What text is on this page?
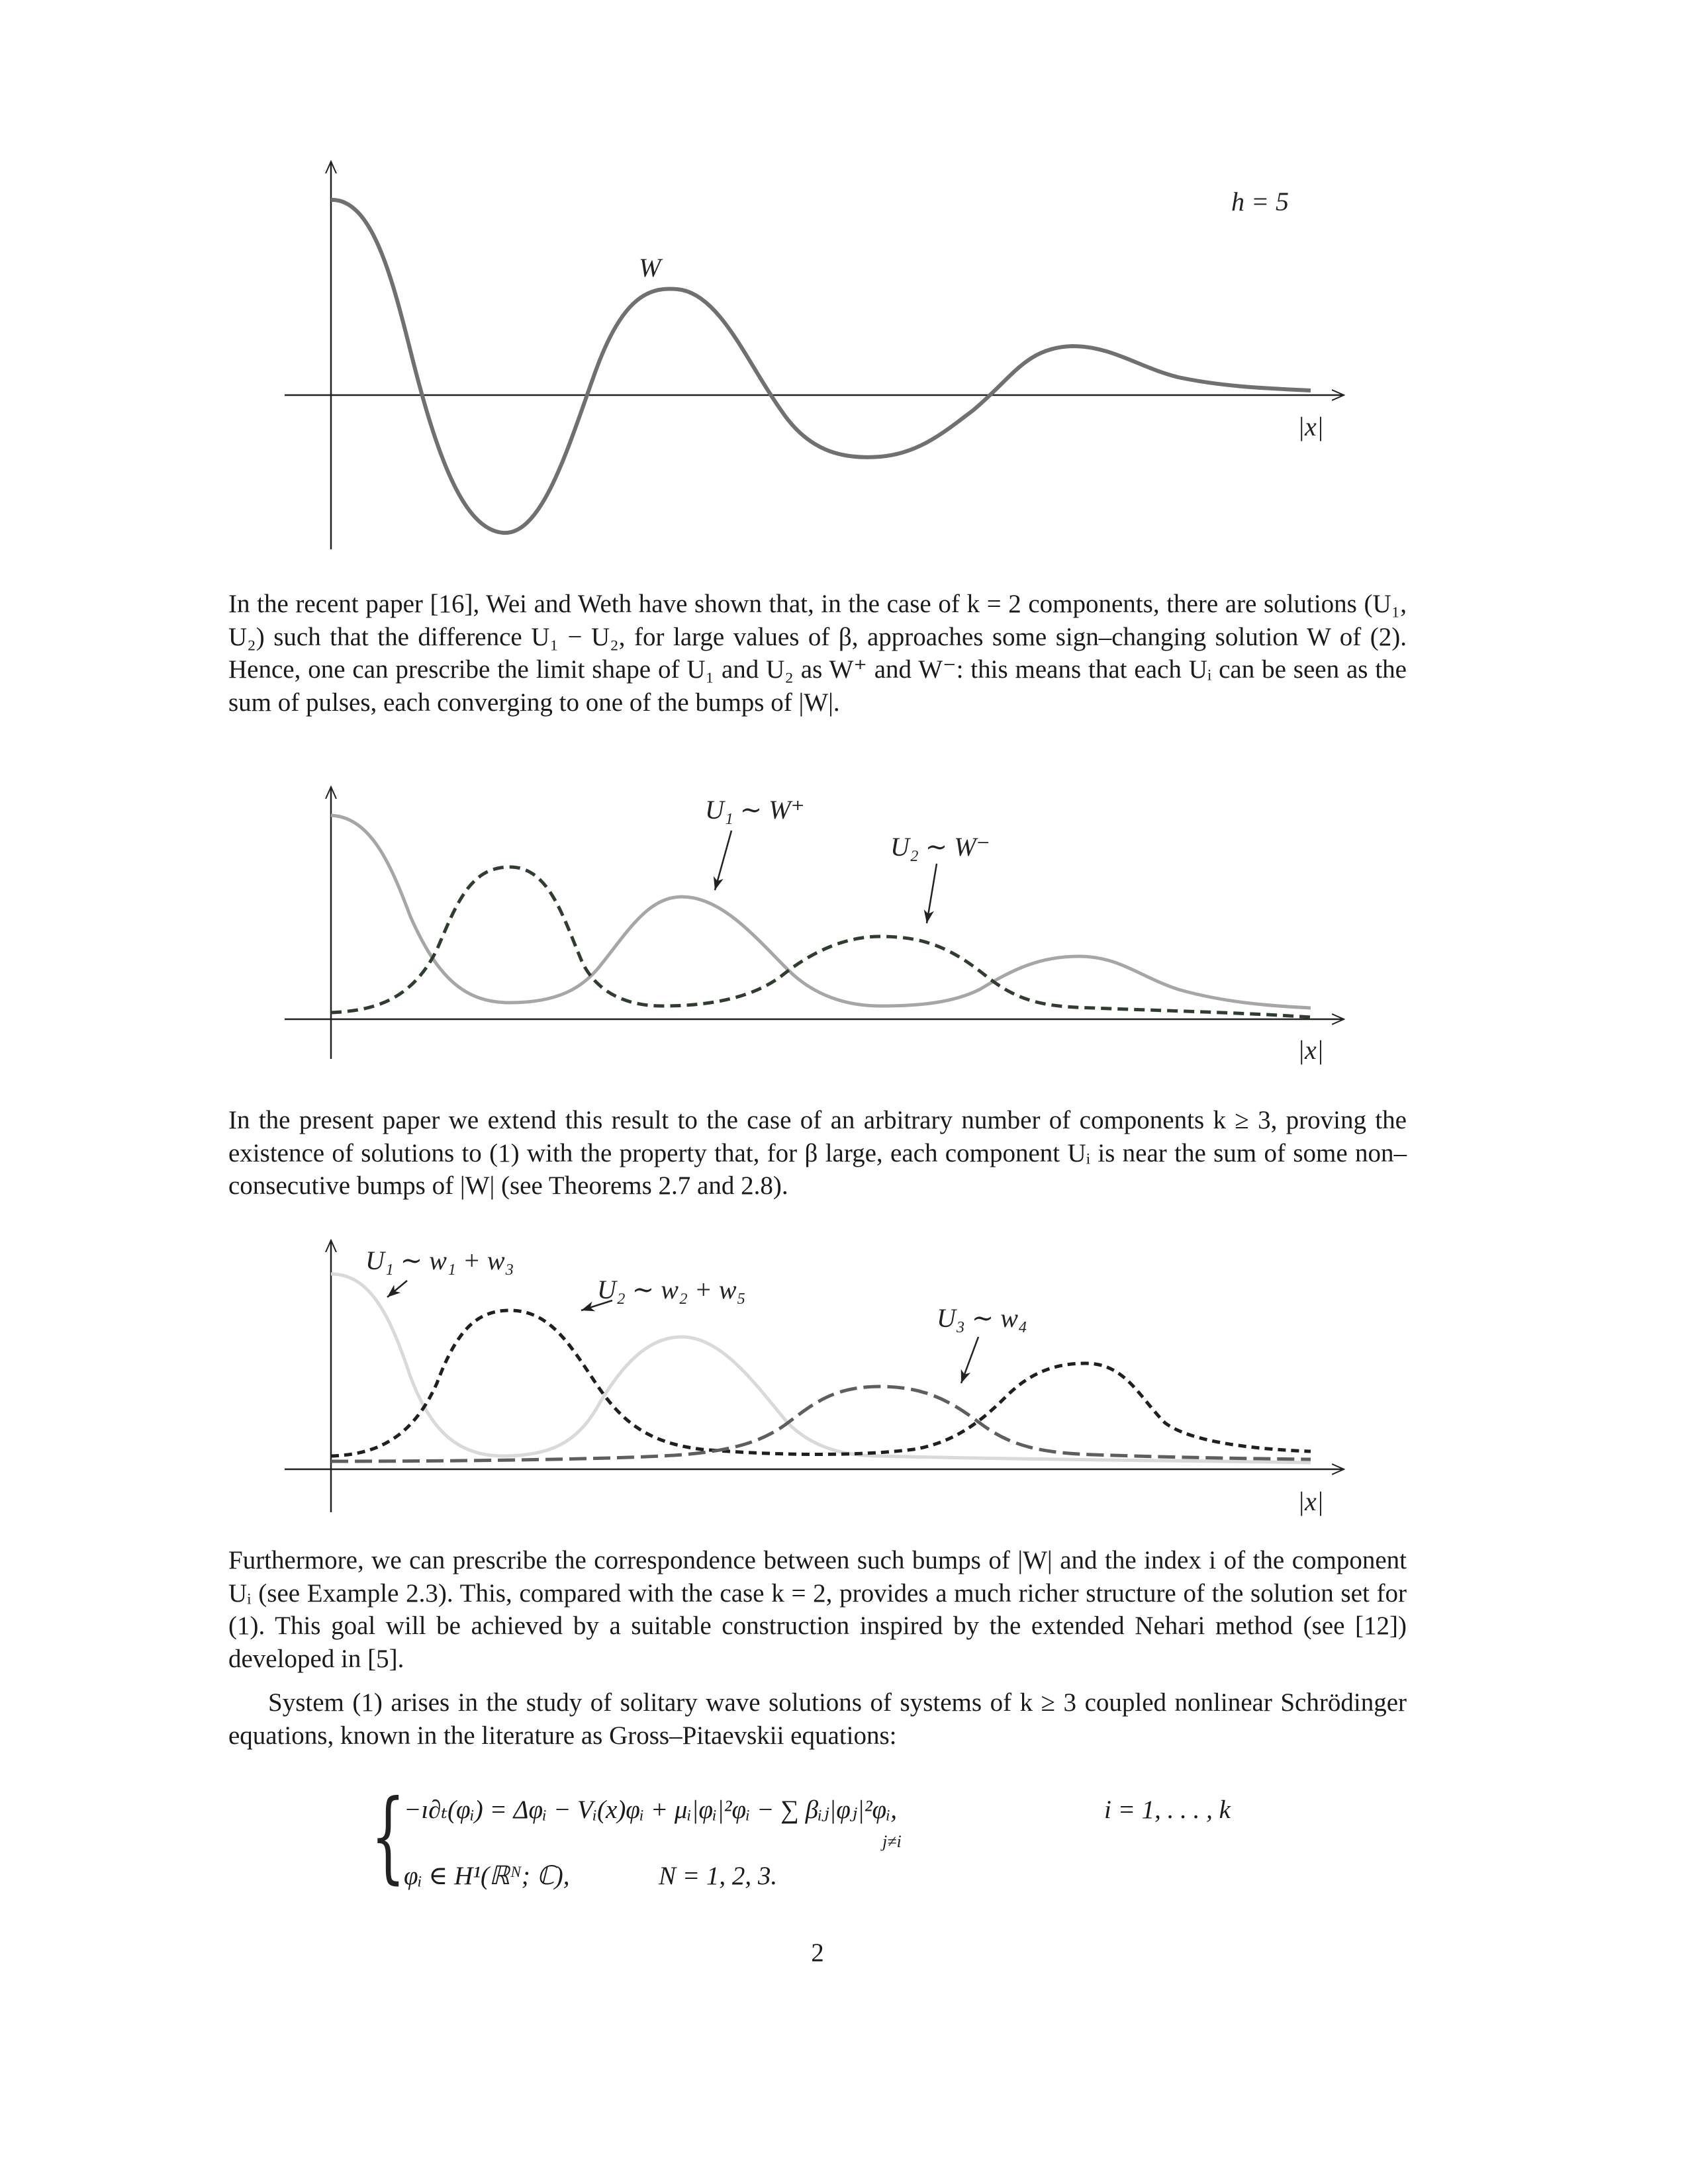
h = 5
W
|x|

In the recent paper [16], Wei and Weth have shown that, in the case of k = 2 components, there are solutions (U₁, U₂) such that the difference U₁ − U₂, for large values of β, approaches some sign–changing solution W of (2). Hence, one can prescribe the limit shape of U₁ and U₂ as W⁺ and W⁻: this means that each Uᵢ can be seen as the sum of pulses, each converging to one of the bumps of |W|.

U₁ ∼ W⁺
U₂ ∼ W⁻
|x|

In the present paper we extend this result to the case of an arbitrary number of components k ≥ 3, proving the existence of solutions to (1) with the property that, for β large, each component Uᵢ is near the sum of some non–consecutive bumps of |W| (see Theorems 2.7 and 2.8).

U₁ ∼ w₁ + w₃
U₂ ∼ w₂ + w₅
U₃ ∼ w₄
|x|

Furthermore, we can prescribe the correspondence between such bumps of |W| and the index i of the component Uᵢ (see Example 2.3). This, compared with the case k = 2, provides a much richer structure of the solution set for (1). This goal will be achieved by a suitable construction inspired by the extended Nehari method (see [12]) developed in [5].

System (1) arises in the study of solitary wave solutions of systems of k ≥ 3 coupled nonlinear Schrödinger equations, known in the literature as Gross–Pitaevskii equations:

{
−ı∂ₜ(φᵢ) = Δφᵢ − Vᵢ(x)φᵢ + μᵢ|φᵢ|²φᵢ − ∑ βᵢⱼ|φⱼ|²φᵢ,
j≠i
i = 1, . . . , k
φᵢ ∈ H¹(ℝᴺ; ℂ),	N = 1, 2, 3.
2
